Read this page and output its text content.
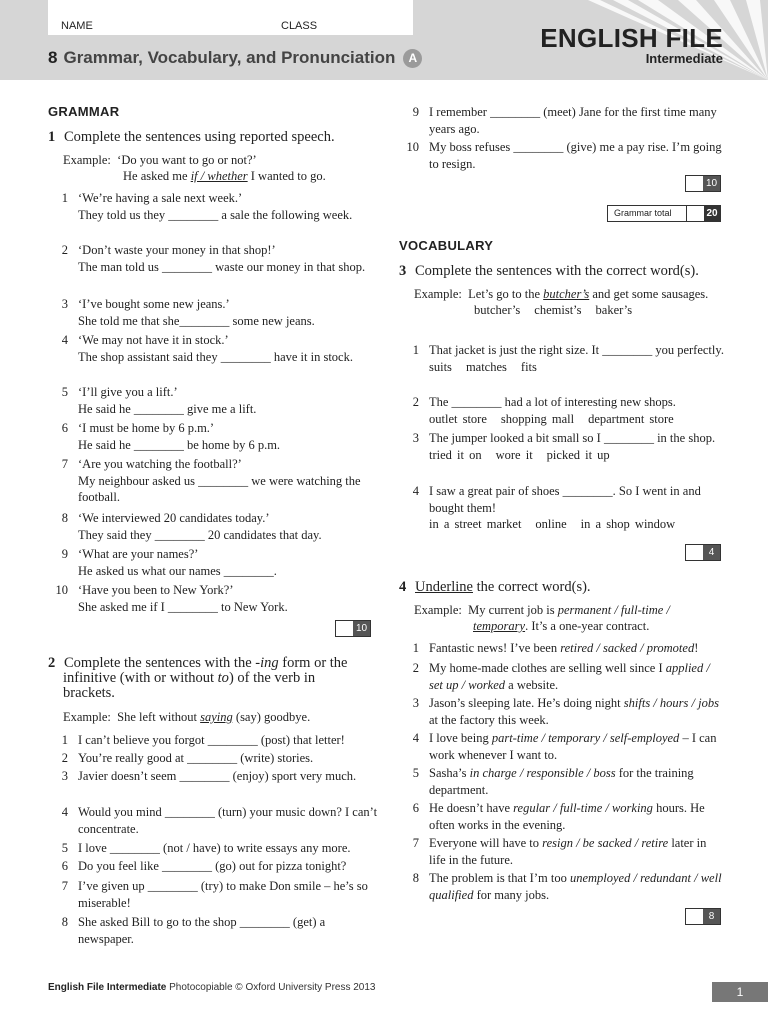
NAME	CLASS
8 Grammar, Vocabulary, and Pronunciation A
ENGLISH FILE
Intermediate
GRAMMAR
1 Complete the sentences using reported speech.
Example: ‘Do you want to go or not?’
He asked me if / whether I wanted to go.
1 ‘We’re having a sale next week.’
They told us they ________ a sale the following week.
2 ‘Don’t waste your money in that shop!’
The man told us ________ waste our money in that shop.
3 ‘I’ve bought some new jeans.’
She told me that she________ some new jeans.
4 ‘We may not have it in stock.’
The shop assistant said they ________ have it in stock.
5 ‘I’ll give you a lift.’
He said he ________ give me a lift.
6 ‘I must be home by 6 p.m.’
He said he ________ be home by 6 p.m.
7 ‘Are you watching the football?’
My neighbour asked us ________ we were watching the football.
8 ‘We interviewed 20 candidates today.’
They said they ________ 20 candidates that day.
9 ‘What are your names?’
He asked us what our names ________.
10 ‘Have you been to New York?’
She asked me if I ________ to New York.
10
2 Complete the sentences with the -ing form or the infinitive (with or without to) of the verb in brackets.
Example: She left without saying (say) goodbye.
1 I can’t believe you forgot ________ (post) that letter!
2 You’re really good at ________ (write) stories.
3 Javier doesn’t seem ________ (enjoy) sport very much.
4 Would you mind ________ (turn) your music down? I can’t concentrate.
5 I love ________ (not / have) to write essays any more.
6 Do you feel like ________ (go) out for pizza tonight?
7 I’ve given up ________ (try) to make Don smile – he’s so miserable!
8 She asked Bill to go to the shop ________ (get) a newspaper.
9 I remember ________ (meet) Jane for the first time many years ago.
10 My boss refuses ________ (give) me a pay rise. I’m going to resign.
10
Grammar total	20
VOCABULARY
3 Complete the sentences with the correct word(s).
Example: Let’s go to the butcher’s and get some sausages.
butcher’s chemist’s baker’s
1 That jacket is just the right size. It ________ you perfectly.
suits matches fits
2 The ________ had a lot of interesting new shops.
outlet store shopping mall department store
3 The jumper looked a bit small so I ________ in the shop.
tried it on wore it picked it up
4 I saw a great pair of shoes ________. So I went in and bought them!
in a street market online in a shop window
4
4 Underline the correct word(s).
Example: My current job is permanent / full-time /
temporary. It’s a one-year contract.
1 Fantastic news! I’ve been retired / sacked / promoted!
2 My home-made clothes are selling well since I applied / set up / worked a website.
3 Jason’s sleeping late. He’s doing night shifts / hours / jobs at the factory this week.
4 I love being part-time / temporary / self-employed – I can work whenever I want to.
5 Sasha’s in charge / responsible / boss for the training department.
6 He doesn’t have regular / full-time / working hours. He often works in the evening.
7 Everyone will have to resign / be sacked / retire later in life in the future.
8 The problem is that I’m too unemployed / redundant / well qualified for many jobs.
8
English File Intermediate Photocopiable © Oxford University Press 2013	1
